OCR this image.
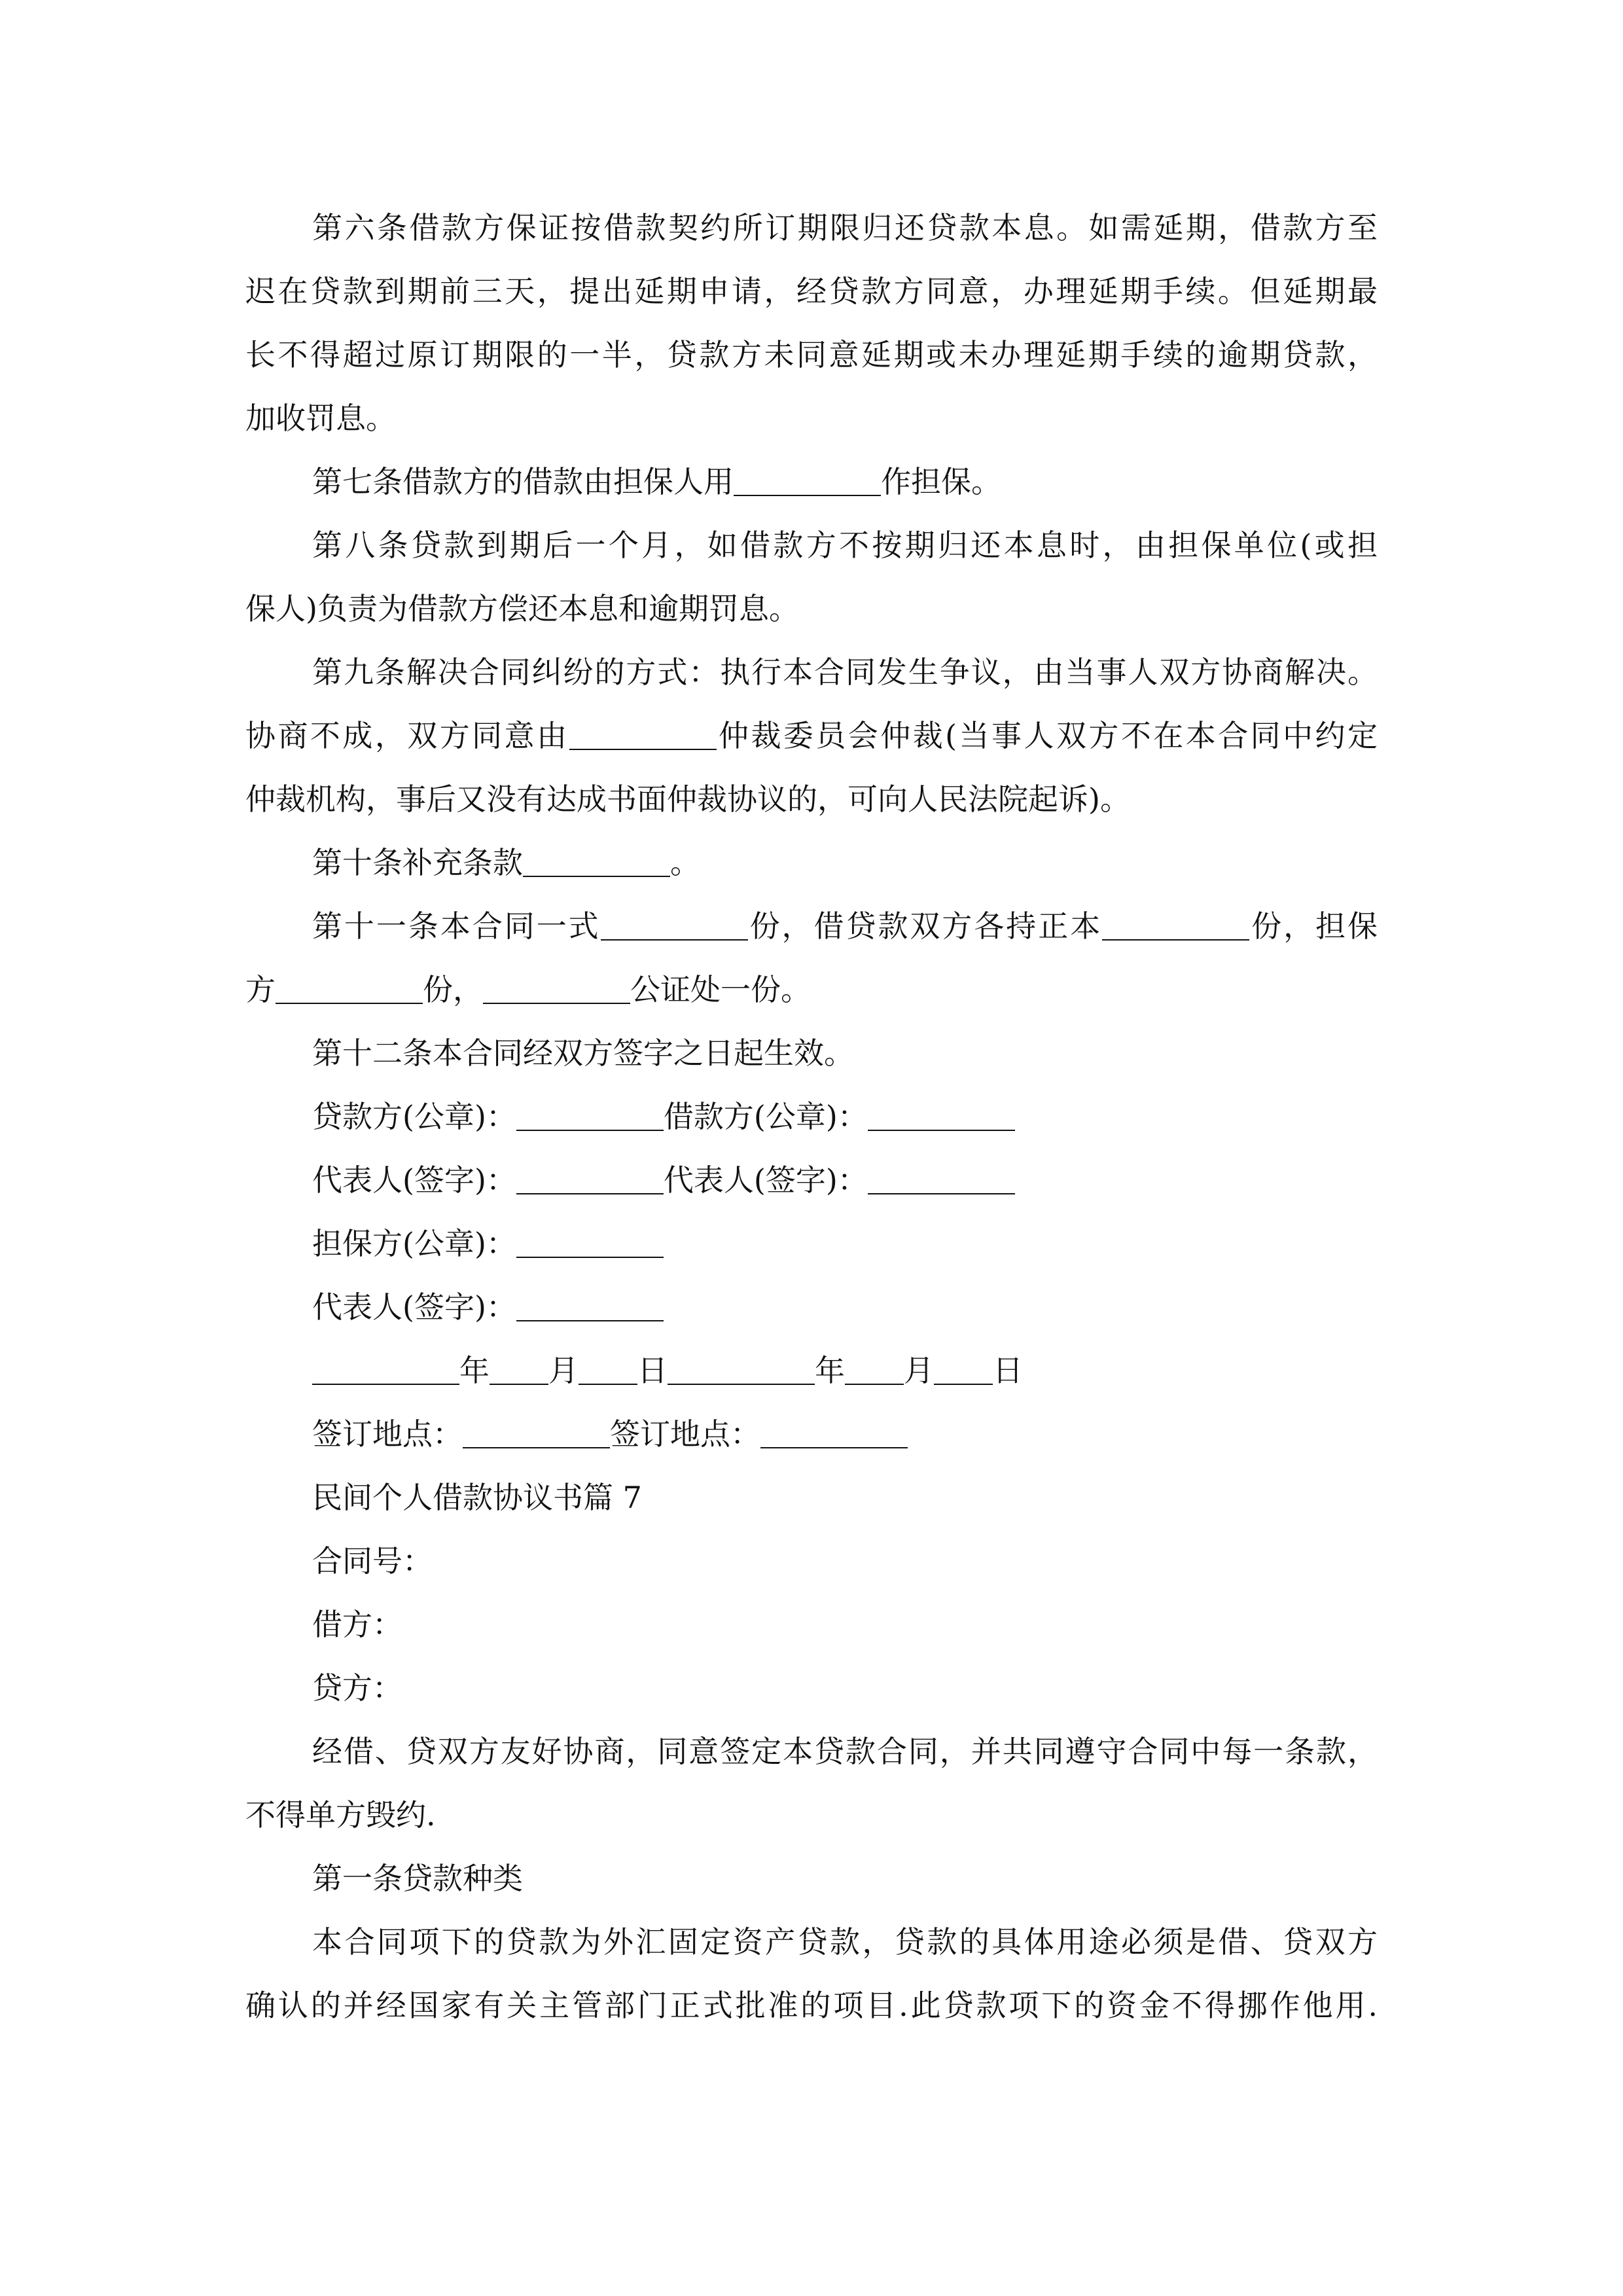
第六条借款方保证按借款契约所订期限归还贷款本息。如需延期，借款方至

迟在贷款到期前三天，提出延期申请，经贷款方同意，办理延期手续。但延期最

长不得超过原订期限的一半，贷款方未同意延期或未办理延期手续的逾期贷款，

加收罚息。

第七条借款方的借款由担保人用	作担保。

第八条贷款到期后一个月，如借款方不按期归还本息时，由担保单位(或担

保人)负责为借款方偿还本息和逾期罚息。

第九条解决合同纠纷的方式：执行本合同发生争议，由当事人双方协商解决。

协商不成，双方同意由	仲裁委员会仲裁(当事人双方不在本合同中约定

仲裁机构，事后又没有达成书面仲裁协议的，可向人民法院起诉)。

第十条补充条款	。

第十一条本合同一式	份，借贷款双方各持正本	份，担保

方	份，	公证处一份。

第十二条本合同经双方签字之日起生效。

贷款方(公章)：	借款方(公章)：

代表人(签字)：	代表人(签字)：

担保方(公章)：

代表人(签字)：

年 月 日	年 月 日

签订地点：	签订地点：

民间个人借款协议书篇 7

合同号：

借方：

贷方：

经借、贷双方友好协商，同意签定本贷款合同，并共同遵守合同中每一条款，

不得单方毁约.

第一条贷款种类

本合同项下的贷款为外汇固定资产贷款，贷款的具体用途必须是借、贷双方

确认的并经国家有关主管部门正式批准的项目.此贷款项下的资金不得挪作他用.
